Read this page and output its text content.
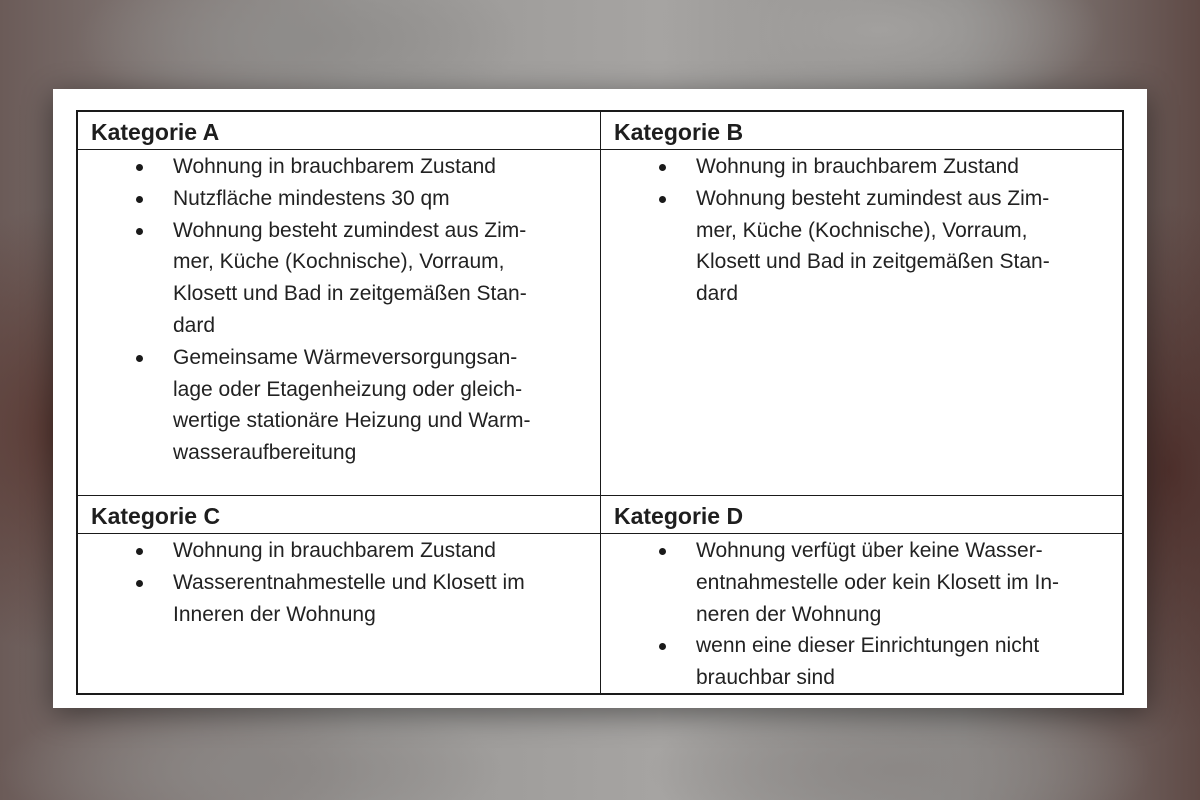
Kategorie A	Kategorie B
Wohnung in brauchbarem Zustand
Nutzfläche mindestens 30 qm
Wohnung besteht zumindest aus Zim-
mer, Küche (Kochnische), Vorraum,
Klosett und Bad in zeitgemäßen Stan-
dard
Gemeinsame Wärmeversorgungsan-
lage oder Etagenheizung oder gleich-
wertige stationäre Heizung und Warm-
wasseraufbereitung
Wohnung in brauchbarem Zustand
Wohnung besteht zumindest aus Zim-
mer, Küche (Kochnische), Vorraum,
Klosett und Bad in zeitgemäßen Stan-
dard
Kategorie C	Kategorie D
Wohnung in brauchbarem Zustand
Wasserentnahmestelle und Klosett im
Inneren der Wohnung
Wohnung verfügt über keine Wasser-
entnahmestelle oder kein Klosett im In-
neren der Wohnung
wenn eine dieser Einrichtungen nicht
brauchbar sind
